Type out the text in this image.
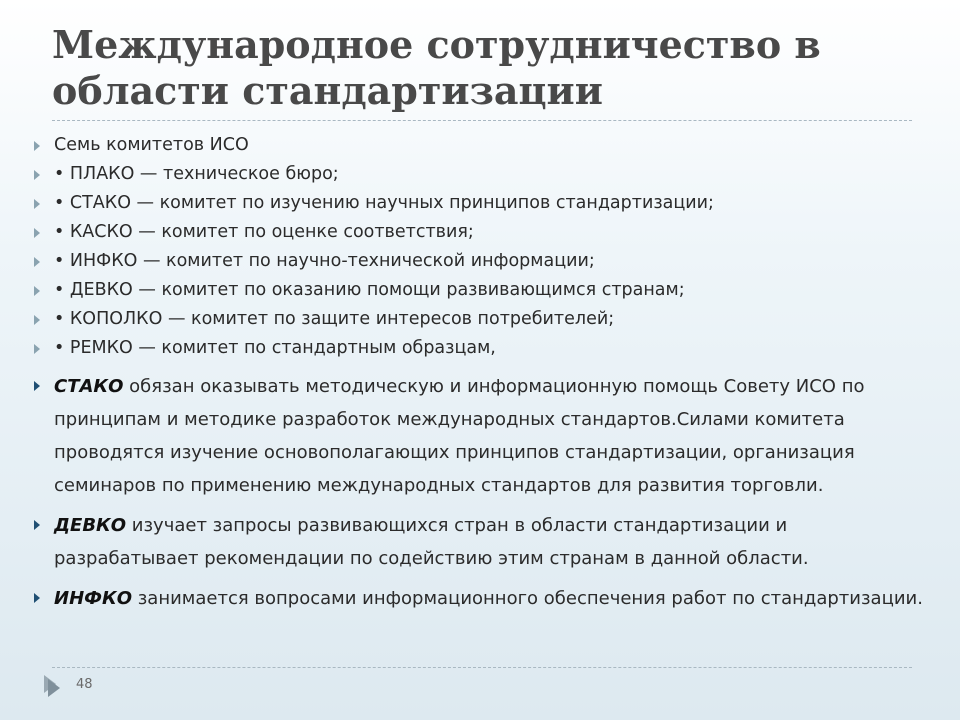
Международное сотрудничество в области стандартизации
Семь комитетов ИСО
• ПЛАКО — техническое бюро;
• СТАКО — комитет по изучению научных принципов стандартизации;
• КАСКО — комитет по оценке соответствия;
• ИНФКО — комитет по научно-технической информации;
• ДЕВКО — комитет по оказанию помощи развивающимся странам;
• КОПОЛКО — комитет по защите интересов потребителей;
• РЕМКО — комитет по стандартным образцам,
СТАКО обязан оказывать методическую и информационную помощь Совету ИСО по принципам и методике разработок международных стандартов.Силами комитета проводятся изучение основополагающих принципов стандартизации, организация семинаров по применению международных стандартов для развития торговли.
ДЕВКО изучает запросы развивающихся стран в области стандартизации и разрабатывает рекомендации по содействию этим странам в данной области.
ИНФКО занимается вопросами информационного обеспечения работ по стандартизации.
48
